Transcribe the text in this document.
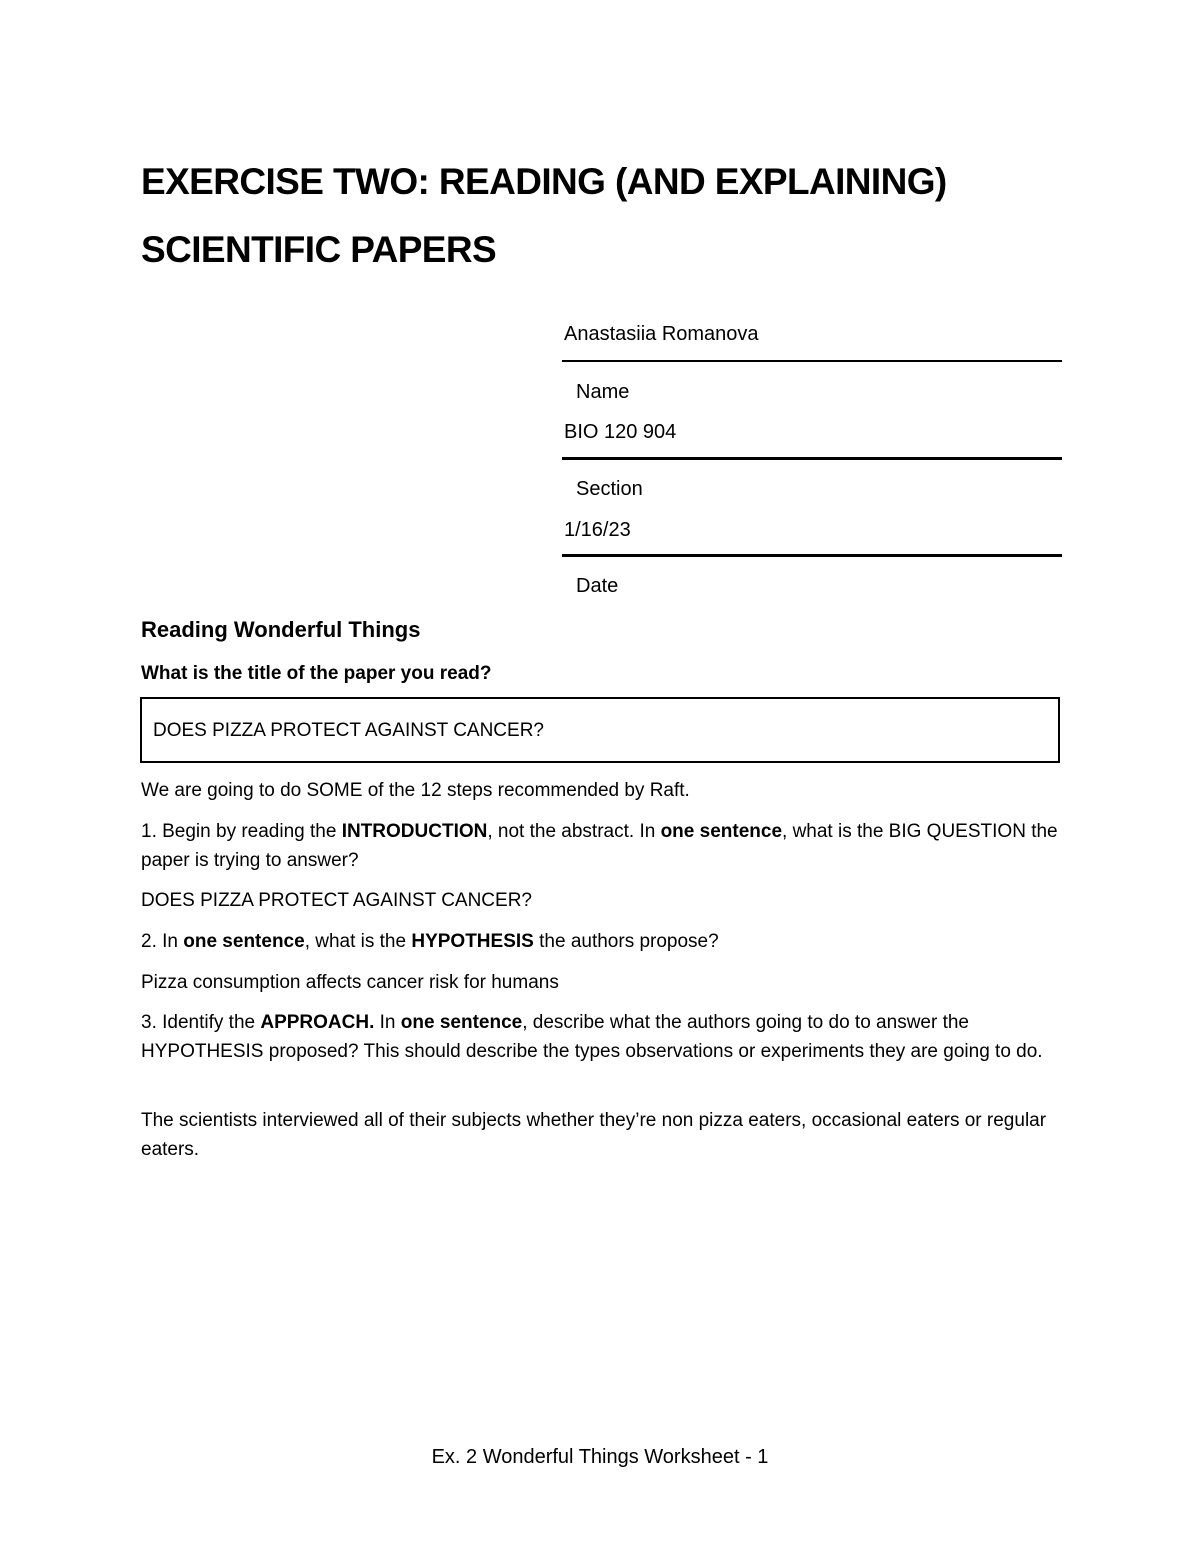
EXERCISE TWO: READING (AND EXPLAINING)
SCIENTIFIC PAPERS
Anastasiia Romanova
Name
BIO 120 904
Section
1/16/23
Date
Reading Wonderful Things
What is the title of the paper you read?
DOES PIZZA PROTECT AGAINST CANCER?
We are going to do SOME of the 12 steps recommended by Raft.
1. Begin by reading the INTRODUCTION, not the abstract. In one sentence, what is the BIG QUESTION the paper is trying to answer?
DOES PIZZA PROTECT AGAINST CANCER?
2. In one sentence, what is the HYPOTHESIS the authors propose?
Pizza consumption affects cancer risk for humans
3. Identify the APPROACH. In one sentence, describe what the authors going to do to answer the HYPOTHESIS proposed? This should describe the types observations or experiments they are going to do.
The scientists interviewed all of their subjects whether they’re non pizza eaters, occasional eaters or regular eaters.
Ex. 2 Wonderful Things Worksheet - 1
